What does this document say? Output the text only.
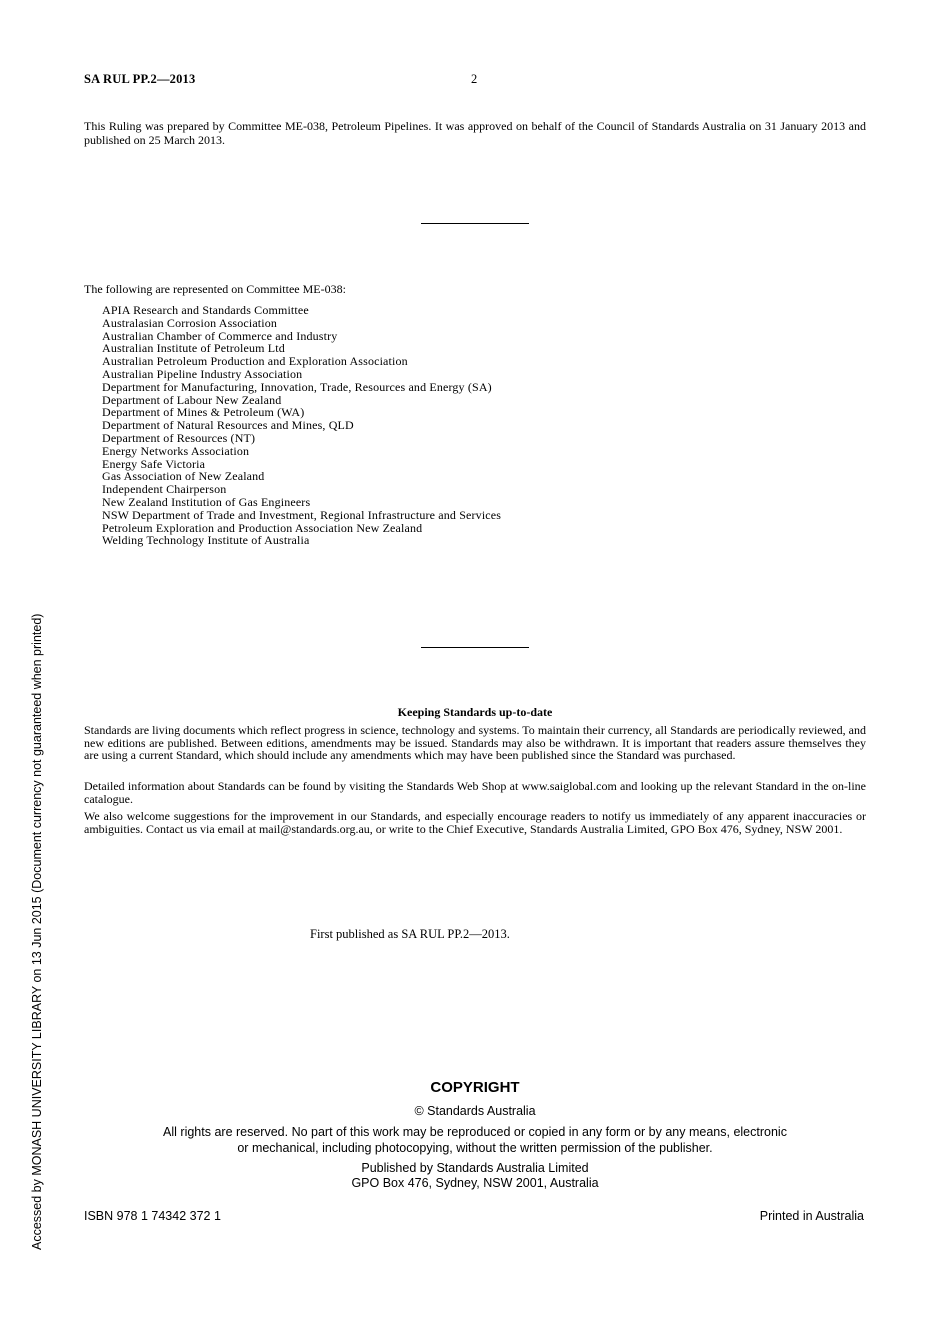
SA RUL PP.2—2013	2
This Ruling was prepared by Committee ME-038, Petroleum Pipelines. It was approved on behalf of the Council of Standards Australia on 31 January 2013 and published on 25 March 2013.
The following are represented on Committee ME-038:
APIA Research and Standards Committee
Australasian Corrosion Association
Australian Chamber of Commerce and Industry
Australian Institute of Petroleum Ltd
Australian Petroleum Production and Exploration Association
Australian Pipeline Industry Association
Department for Manufacturing, Innovation, Trade, Resources and Energy (SA)
Department of Labour New Zealand
Department of Mines & Petroleum (WA)
Department of Natural Resources and Mines, QLD
Department of Resources (NT)
Energy Networks Association
Energy Safe Victoria
Gas Association of New Zealand
Independent Chairperson
New Zealand Institution of Gas Engineers
NSW Department of Trade and Investment, Regional Infrastructure and Services
Petroleum Exploration and Production Association New Zealand
Welding Technology Institute of Australia
Keeping Standards up-to-date

Standards are living documents which reflect progress in science, technology and systems. To maintain their currency, all Standards are periodically reviewed, and new editions are published. Between editions, amendments may be issued. Standards may also be withdrawn. It is important that readers assure themselves they are using a current Standard, which should include any amendments which may have been published since the Standard was purchased.

Detailed information about Standards can be found by visiting the Standards Web Shop at www.saiglobal.com and looking up the relevant Standard in the on-line catalogue.

We also welcome suggestions for the improvement in our Standards, and especially encourage readers to notify us immediately of any apparent inaccuracies or ambiguities. Contact us via email at mail@standards.org.au, or write to the Chief Executive, Standards Australia Limited, GPO Box 476, Sydney, NSW 2001.

First published as SA RUL PP.2—2013.
COPYRIGHT
© Standards Australia
All rights are reserved. No part of this work may be reproduced or copied in any form or by any means, electronic
or mechanical, including photocopying, without the written permission of the publisher.
Published by Standards Australia Limited
GPO Box 476, Sydney, NSW 2001, Australia
ISBN 978 1 74342 372 1	Printed in Australia
Accessed by MONASH UNIVERSITY LIBRARY on 13 Jun 2015 (Document currency not guaranteed when printed)
